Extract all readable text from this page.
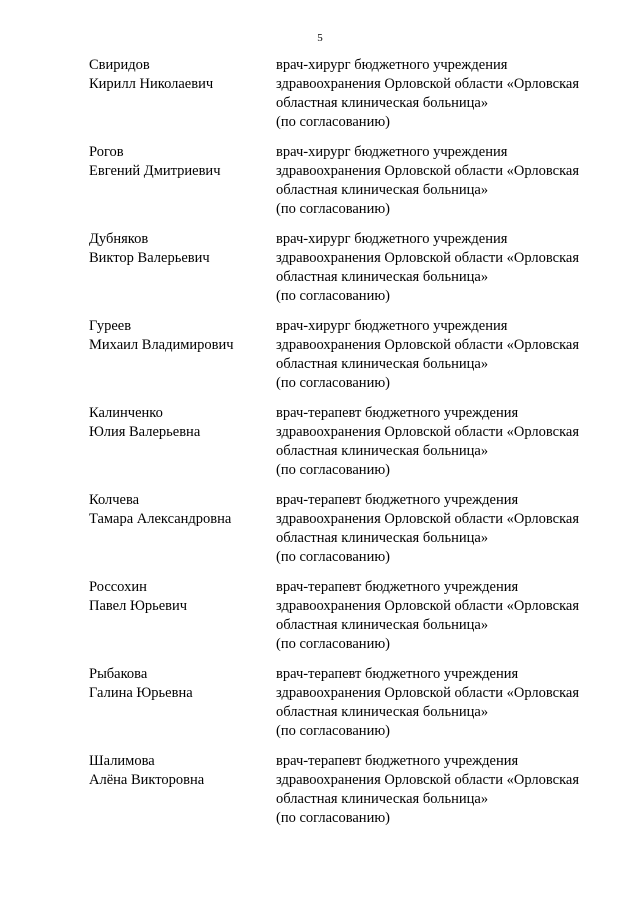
5
Свиридов
Кирилл Николаевич
врач-хирург бюджетного учреждения
здравоохранения Орловской области «Орловская
областная клиническая больница»
(по согласованию)
Рогов
Евгений Дмитриевич
врач-хирург бюджетного учреждения
здравоохранения Орловской области «Орловская
областная клиническая больница»
(по согласованию)
Дубняков
Виктор Валерьевич
врач-хирург бюджетного учреждения
здравоохранения Орловской области «Орловская
областная клиническая больница»
(по согласованию)
Гуреев
Михаил Владимирович
врач-хирург бюджетного учреждения
здравоохранения Орловской области «Орловская
областная клиническая больница»
(по согласованию)
Калинченко
Юлия Валерьевна
врач-терапевт бюджетного учреждения
здравоохранения Орловской области «Орловская
областная клиническая больница»
(по согласованию)
Колчева
Тамара Александровна
врач-терапевт бюджетного учреждения
здравоохранения Орловской области «Орловская
областная клиническая больница»
(по согласованию)
Россохин
Павел Юрьевич
врач-терапевт бюджетного учреждения
здравоохранения Орловской области «Орловская
областная клиническая больница»
(по согласованию)
Рыбакова
Галина Юрьевна
врач-терапевт бюджетного учреждения
здравоохранения Орловской области «Орловская
областная клиническая больница»
(по согласованию)
Шалимова
Алёна Викторовна
врач-терапевт бюджетного учреждения
здравоохранения Орловской области «Орловская
областная клиническая больница»
(по согласованию)
